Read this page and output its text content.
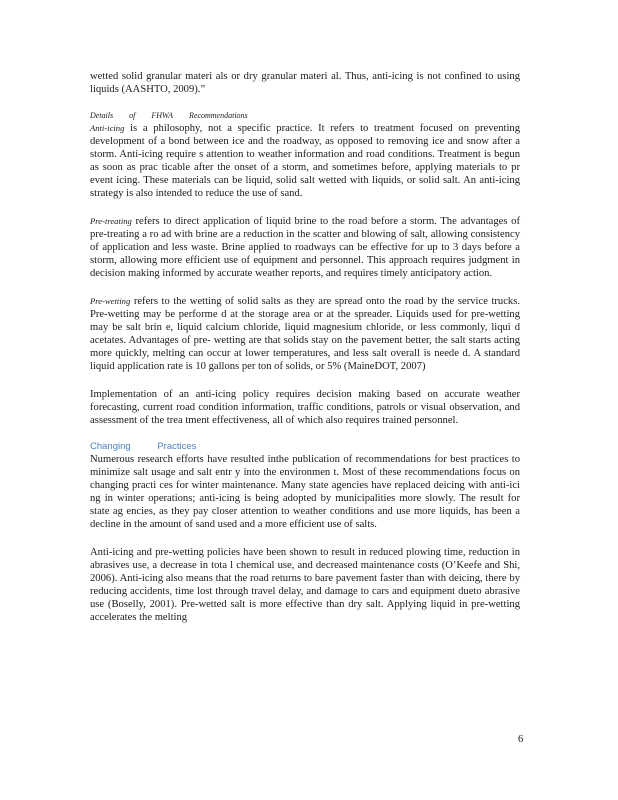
wetted solid granular materi als or dry granular materi al. Thus, anti-icing is not confined to using liquids (AASHTO, 2009).”

Details of FHWA Recommendations

Anti-icing is a philosophy, not a specific practice. It refers to treatment focused on preventing development of a bond between ice and the roadway, as opposed to removing ice and snow after a storm. Anti-icing require s attention to weather information and road conditions. Treatment is begun as soon as prac ticable after the onset of a storm, and sometimes before, applying materials to pr event icing. These materials can be liquid, solid salt wetted with liquids, or solid salt. An anti-icing strategy is also intended to reduce the use of sand.

Pre-treating refers to direct application of liquid brine to the road before a storm. The advantages of pre-treating a ro ad with brine are a reduction in the scatter and blowing of salt, allowing consistency of application and less waste. Brine applied to roadways can be effective for up to 3 days before a storm, allowing more efficient use of equipment and personnel. This approach requires judgment in decision making informed by accurate weather reports, and requires timely anticipatory action.

Pre-wetting refers to the wetting of solid salts as they are spread onto the road by the service trucks. Pre-wetting may be performe d at the storage area or at the spreader. Liquids used for pre-wetting may be salt brin e, liquid calcium chloride, liquid magnesium chloride, or less commonly, liqui d acetates. Advantages of pre- wetting are that solids stay on the pavement better, the salt starts acting more quickly, melting can occur at lower temperatures, and less salt overall is neede d. A standard liquid application rate is 10 gallons per ton of solids, or 5% (MaineDOT, 2007)

Implementation of an anti-icing policy requires decision making based on accurate weather forecasting, current road condition information, traffic conditions, patrols or visual observation, and assessment of the trea tment effectiveness, all of which also requires trained personnel.

Changing	Practices

Numerous research efforts have resulted inthe publication of recommendations for best practices to minimize salt usage and salt entr y into the environmen t. Most of these recommendations focus on changing practi ces for winter maintenance. Many state agencies have replaced deicing with anti-ici ng in winter operations; anti-icing is being adopted by municipalities more slowly. The result for state ag encies, as they pay closer attention to weather conditions and use more liquids, has been a decline in the amount of sand used and a more efficient use of salts.

Anti-icing and pre-wetting policies have been shown to result in reduced plowing time, reduction in abrasives use, a decrease in tota l chemical use, and decreased maintenance costs (O’Keefe and Shi, 2006). Anti-icing also means that the road returns to bare pavement faster than with deicing, there by reducing accidents, time lost through travel delay, and damage to cars and equipment dueto abrasive use (Boselly, 2001). Pre-wetted salt is more effective than dry salt. Applying liquid in pre-wetting accelerates the melting

6
